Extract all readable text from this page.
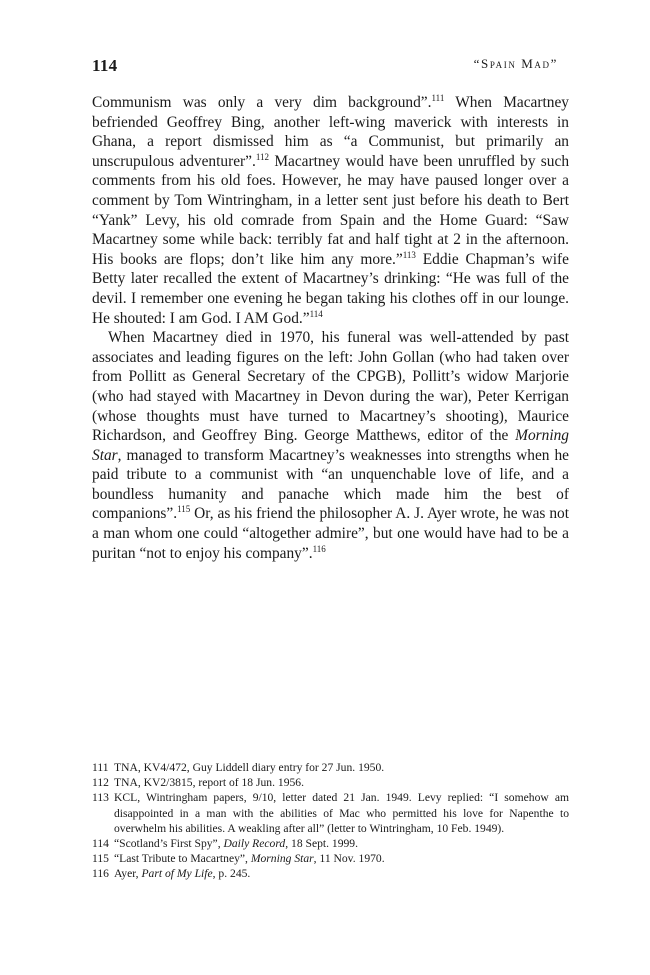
114	“Spain Mad”

Communism was only a very dim background”.$^{111}$ When Macartney befriended Geoffrey Bing, another left-wing maverick with interests in Ghana, a report dismissed him as “a Communist, but primarily an unscrupulous adventurer”.$^{112}$ Macartney would have been unruffled by such comments from his old foes. However, he may have paused longer over a comment by Tom Wintringham, in a letter sent just before his death to Bert “Yank” Levy, his old comrade from Spain and the Home Guard: “Saw Macartney some while back: terribly fat and half tight at 2 in the afternoon. His books are flops; don’t like him any more.”$^{113}$ Eddie Chapman’s wife Betty later recalled the extent of Macartney’s drinking: “He was full of the devil. I remember one evening he began taking his clothes off in our lounge. He shouted: I am God. I AM God.”$^{114}$

When Macartney died in 1970, his funeral was well-attended by past associates and leading figures on the left: John Gollan (who had taken over from Pollitt as General Secretary of the CPGB), Pollitt’s widow Marjorie (who had stayed with Macartney in Devon during the war), Peter Kerrigan (whose thoughts must have turned to Macartney’s shooting), Maurice Richardson, and Geoffrey Bing. George Matthews, editor of the Morning Star, managed to transform Macartney’s weaknesses into strengths when he paid tribute to a communist with “an unquenchable love of life, and a boundless humanity and panache which made him the best of companions”.$^{115}$ Or, as his friend the philosopher A. J. Ayer wrote, he was not a man whom one could “altogether admire”, but one would have had to be a puritan “not to enjoy his company”.$^{116}$

111 TNA, KV4/472, Guy Liddell diary entry for 27 Jun. 1950.
112 TNA, KV2/3815, report of 18 Jun. 1956.
113 KCL, Wintringham papers, 9/10, letter dated 21 Jan. 1949. Levy replied: “I somehow am disappointed in a man with the abilities of Mac who permitted his love for Napenthe to overwhelm his abilities. A weakling after all” (letter to Wintringham, 10 Feb. 1949).
114 “Scotland’s First Spy”, Daily Record, 18 Sept. 1999.
115 “Last Tribute to Macartney”, Morning Star, 11 Nov. 1970.
116 Ayer, Part of My Life, p. 245.
